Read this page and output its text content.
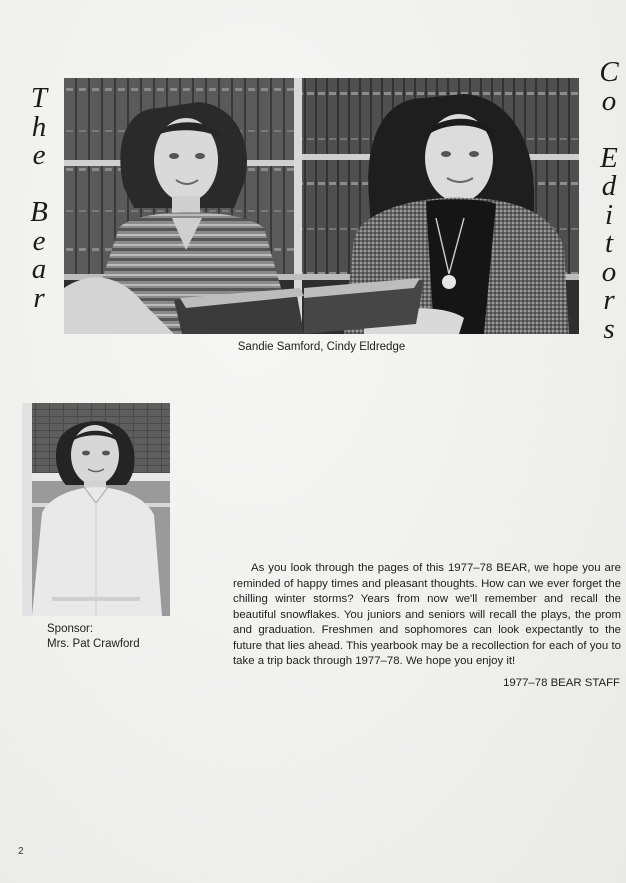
T
h
e
B
e
a
r
C
o
E
d
i
t
o
r
s
Sandie Samford, Cindy Eldredge
Sponsor:
Mrs. Pat Crawford

As you look through the pages of this 1977–78 BEAR, we hope you are reminded of happy times and pleasant thoughts. How can we ever forget the chilling winter storms? Years from now we'll remember and recall the beautiful snowflakes. You juniors and seniors will recall the plays, the prom and graduation. Freshmen and sophomores can look expectantly to the future that lies ahead. This yearbook may be a recollection for each of you to take a trip back through 1977–78. We hope you enjoy it!

1977–78 BEAR STAFF
2
